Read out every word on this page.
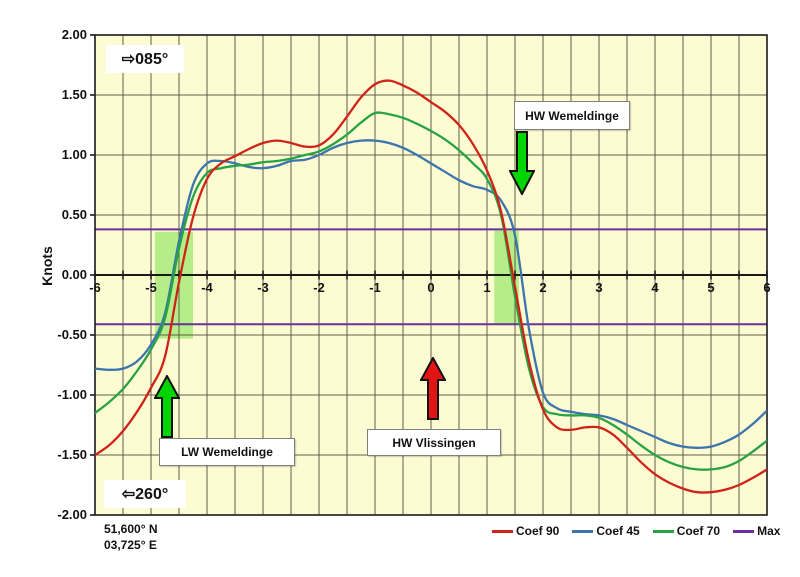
Knots
2.00
1.50
1.00
0.50
0.00
-0.50
-1.00
-1.50
-2.00
-6	-5	-4	-3	-2	-1	0	1	2	3	4	5	6
⇨085°
⇦260°
HW Wemeldinge
LW Wemeldinge
HW Vlissingen
51,600° N
03,725° E
Coef 90	Coef 45	Coef 70	Max
